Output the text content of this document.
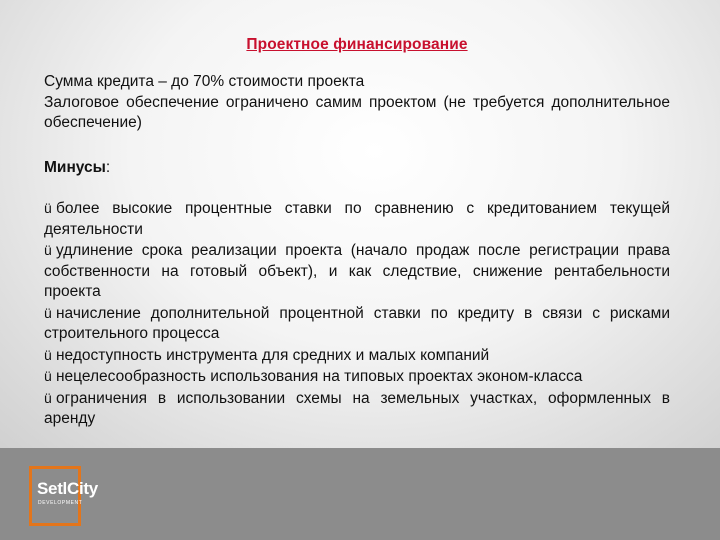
Проектное финансирование
Сумма кредита – до 70% стоимости проекта
Залоговое обеспечение ограничено самим проектом (не требуется дополнительное обеспечение)
Минусы:
ü более высокие процентные ставки по сравнению с кредитованием текущей деятельности
ü удлинение срока реализации проекта (начало продаж после регистрации права собственности на готовый объект), и как следствие, снижение рентабельности проекта
ü начисление дополнительной процентной ставки по кредиту в связи с рисками строительного процесса
ü недоступность инструмента для средних и малых компаний
ü нецелесообразность использования на типовых проектах эконом-класса
ü ограничения в использовании схемы на земельных участках, оформленных в аренду
SetlCity
DEVELOPMENT
